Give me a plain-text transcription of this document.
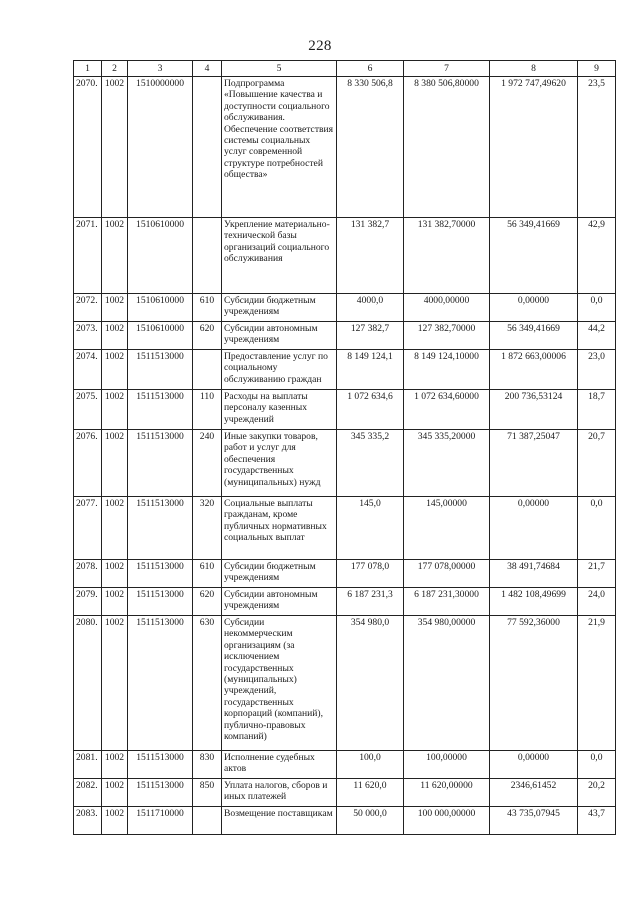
228
1	2	3	4	5	6	7	8	9
2070.	1002	1510000000		Подпрограмма «Повышение качества и доступности социального обслуживания. Обеспечение соответствия системы социальных услуг современной структуре потребностей общества»	8 330 506,8	8 380 506,80000	1 972 747,49620	23,5
2071.	1002	1510610000		Укрепление материально-технической базы организаций социального обслуживания	131 382,7	131 382,70000	56 349,41669	42,9
2072.	1002	1510610000	610	Субсидии бюджетным учреждениям	4000,0	4000,00000	0,00000	0,0
2073.	1002	1510610000	620	Субсидии автономным учреждениям	127 382,7	127 382,70000	56 349,41669	44,2
2074.	1002	1511513000		Предоставление услуг по социальному обслуживанию граждан	8 149 124,1	8 149 124,10000	1 872 663,00006	23,0
2075.	1002	1511513000	110	Расходы на выплаты персоналу казенных учреждений	1 072 634,6	1 072 634,60000	200 736,53124	18,7
2076.	1002	1511513000	240	Иные закупки товаров, работ и услуг для обеспечения государственных (муниципальных) нужд	345 335,2	345 335,20000	71 387,25047	20,7
2077.	1002	1511513000	320	Социальные выплаты гражданам, кроме публичных нормативных социальных выплат	145,0	145,00000	0,00000	0,0
2078.	1002	1511513000	610	Субсидии бюджетным учреждениям	177 078,0	177 078,00000	38 491,74684	21,7
2079.	1002	1511513000	620	Субсидии автономным учреждениям	6 187 231,3	6 187 231,30000	1 482 108,49699	24,0
2080.	1002	1511513000	630	Субсидии некоммерческим организациям (за исключением государственных (муниципальных) учреждений, государственных корпораций (компаний), публично-правовых компаний)	354 980,0	354 980,00000	77 592,36000	21,9
2081.	1002	1511513000	830	Исполнение судебных актов	100,0	100,00000	0,00000	0,0
2082.	1002	1511513000	850	Уплата налогов, сборов и иных платежей	11 620,0	11 620,00000	2346,61452	20,2
2083.	1002	1511710000		Возмещение поставщикам	50 000,0	100 000,00000	43 735,07945	43,7
